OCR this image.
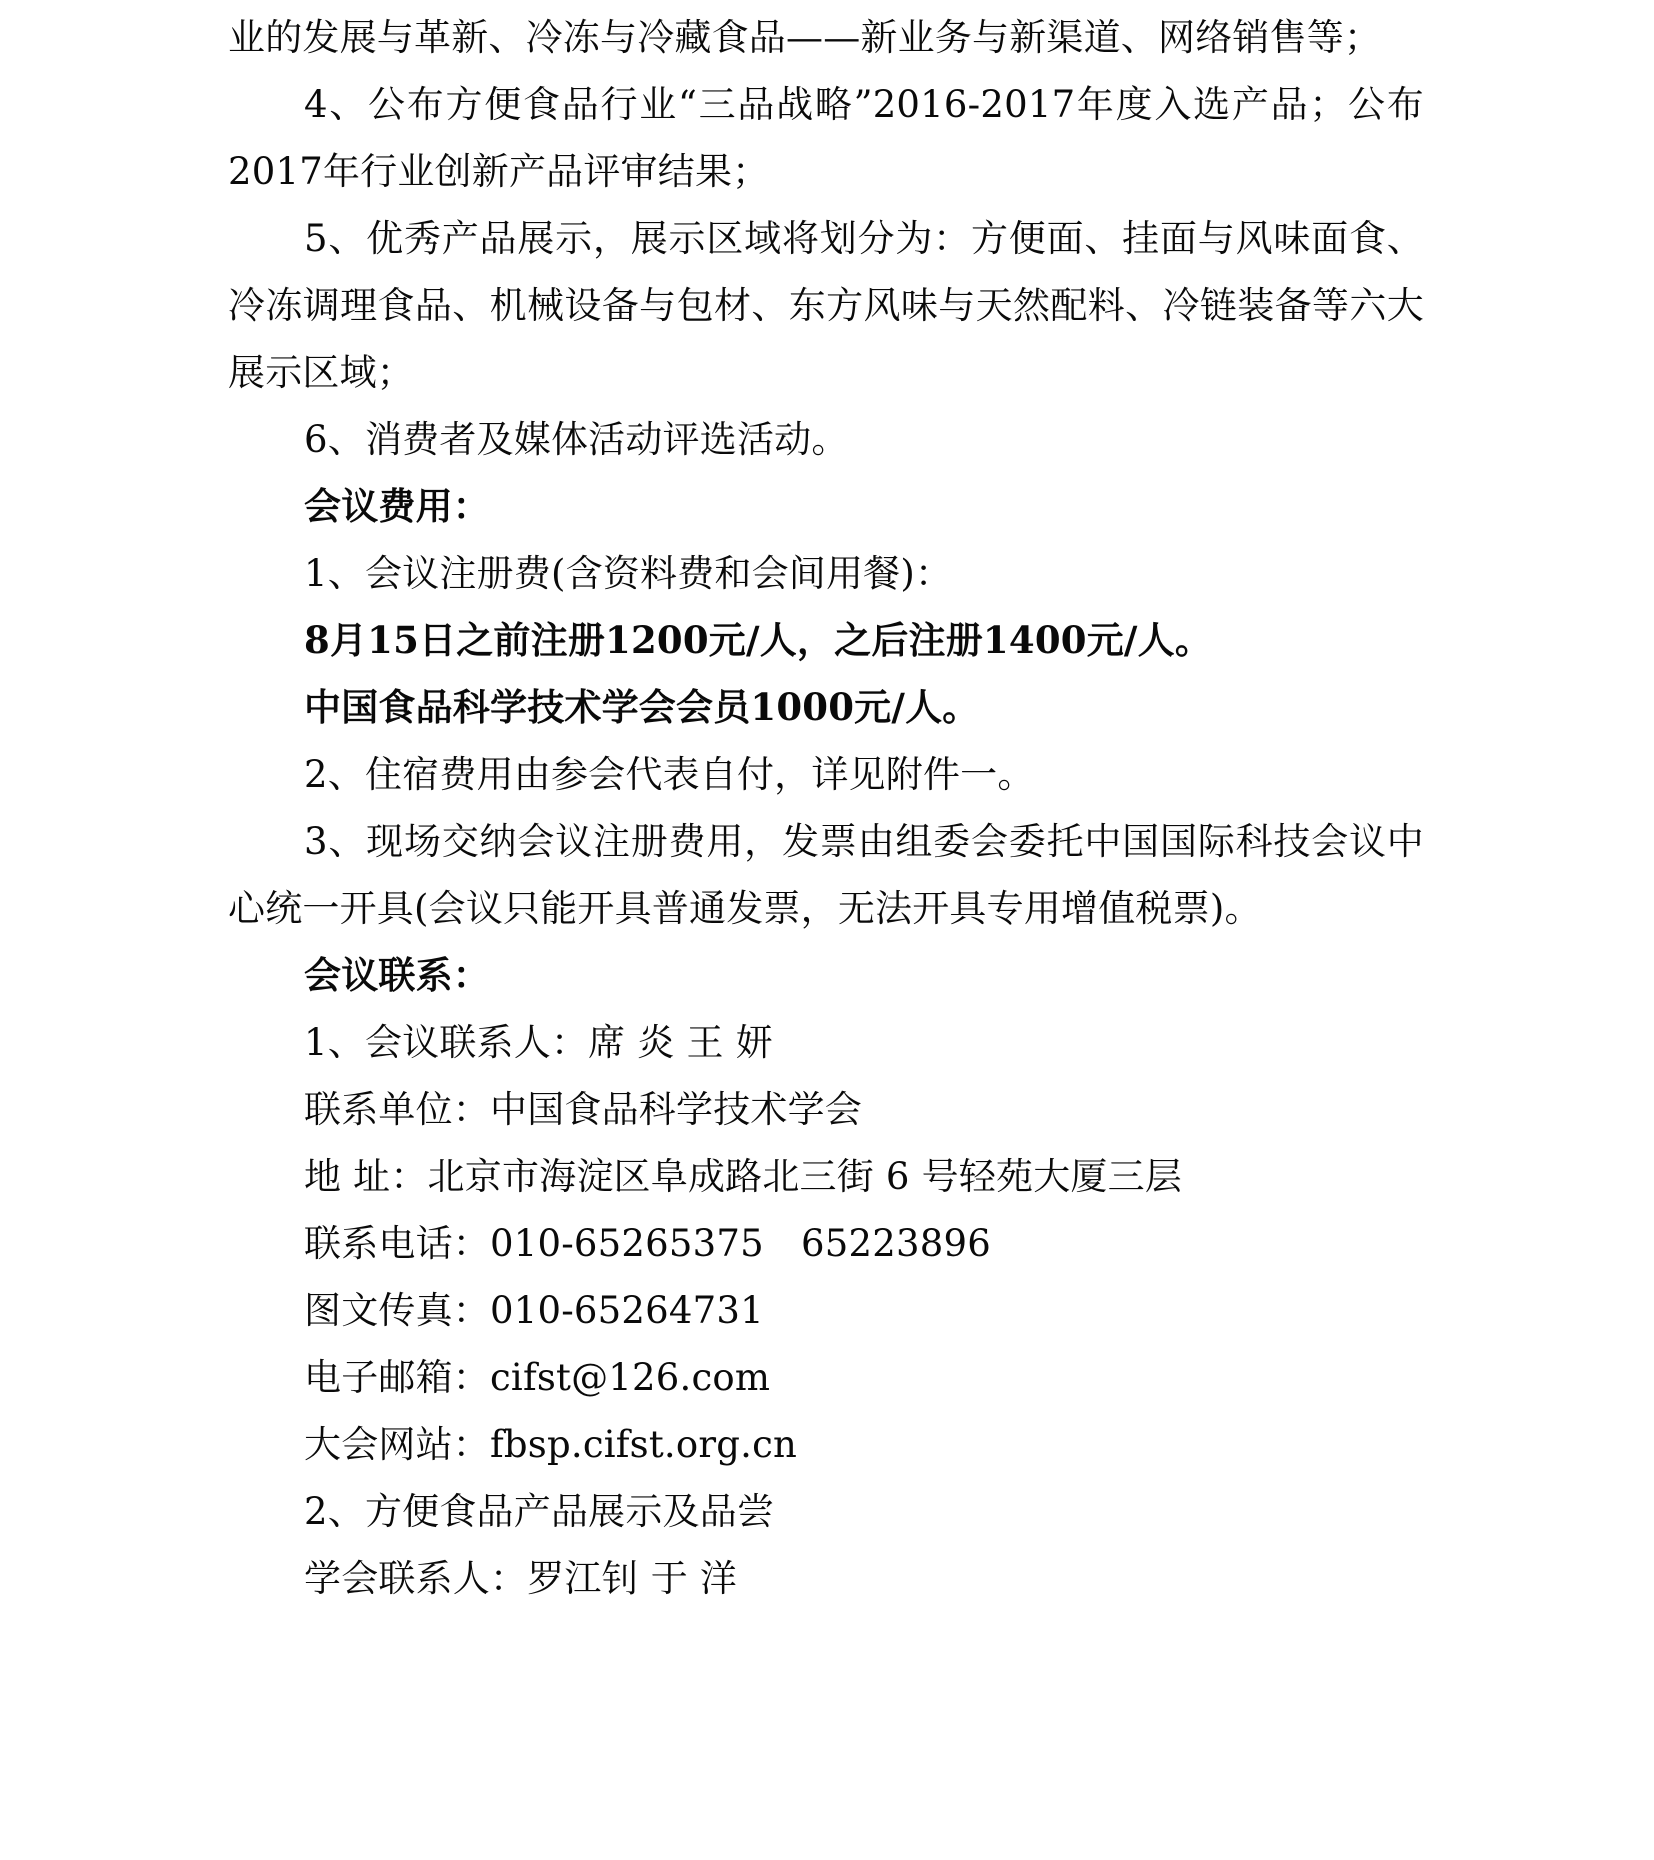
业的发展与革新、冷冻与冷藏食品——新业务与新渠道、网络销售等；

4、公布方便食品行业“三品战略”2016-2017年度入选产品；公布2017年行业创新产品评审结果；

5、优秀产品展示，展示区域将划分为：方便面、挂面与风味面食、冷冻调理食品、机械设备与包材、东方风味与天然配料、冷链装备等六大展示区域；

6、消费者及媒体活动评选活动。

会议费用：

1、会议注册费(含资料费和会间用餐)：

8月15日之前注册1200元/人，之后注册1400元/人。

中国食品科学技术学会会员1000元/人。

2、住宿费用由参会代表自付，详见附件一。

3、现场交纳会议注册费用，发票由组委会委托中国国际科技会议中心统一开具(会议只能开具普通发票，无法开具专用增值税票)。

会议联系：

1、会议联系人：席 炎 王 妍

联系单位：中国食品科学技术学会

地 址：北京市海淀区阜成路北三街 6 号轻苑大厦三层

联系电话：010-65265375　65223896

图文传真：010-65264731

电子邮箱：cifst@126.com

大会网站：fbsp.cifst.org.cn

2、方便食品产品展示及品尝

学会联系人：罗江钊 于 洋
